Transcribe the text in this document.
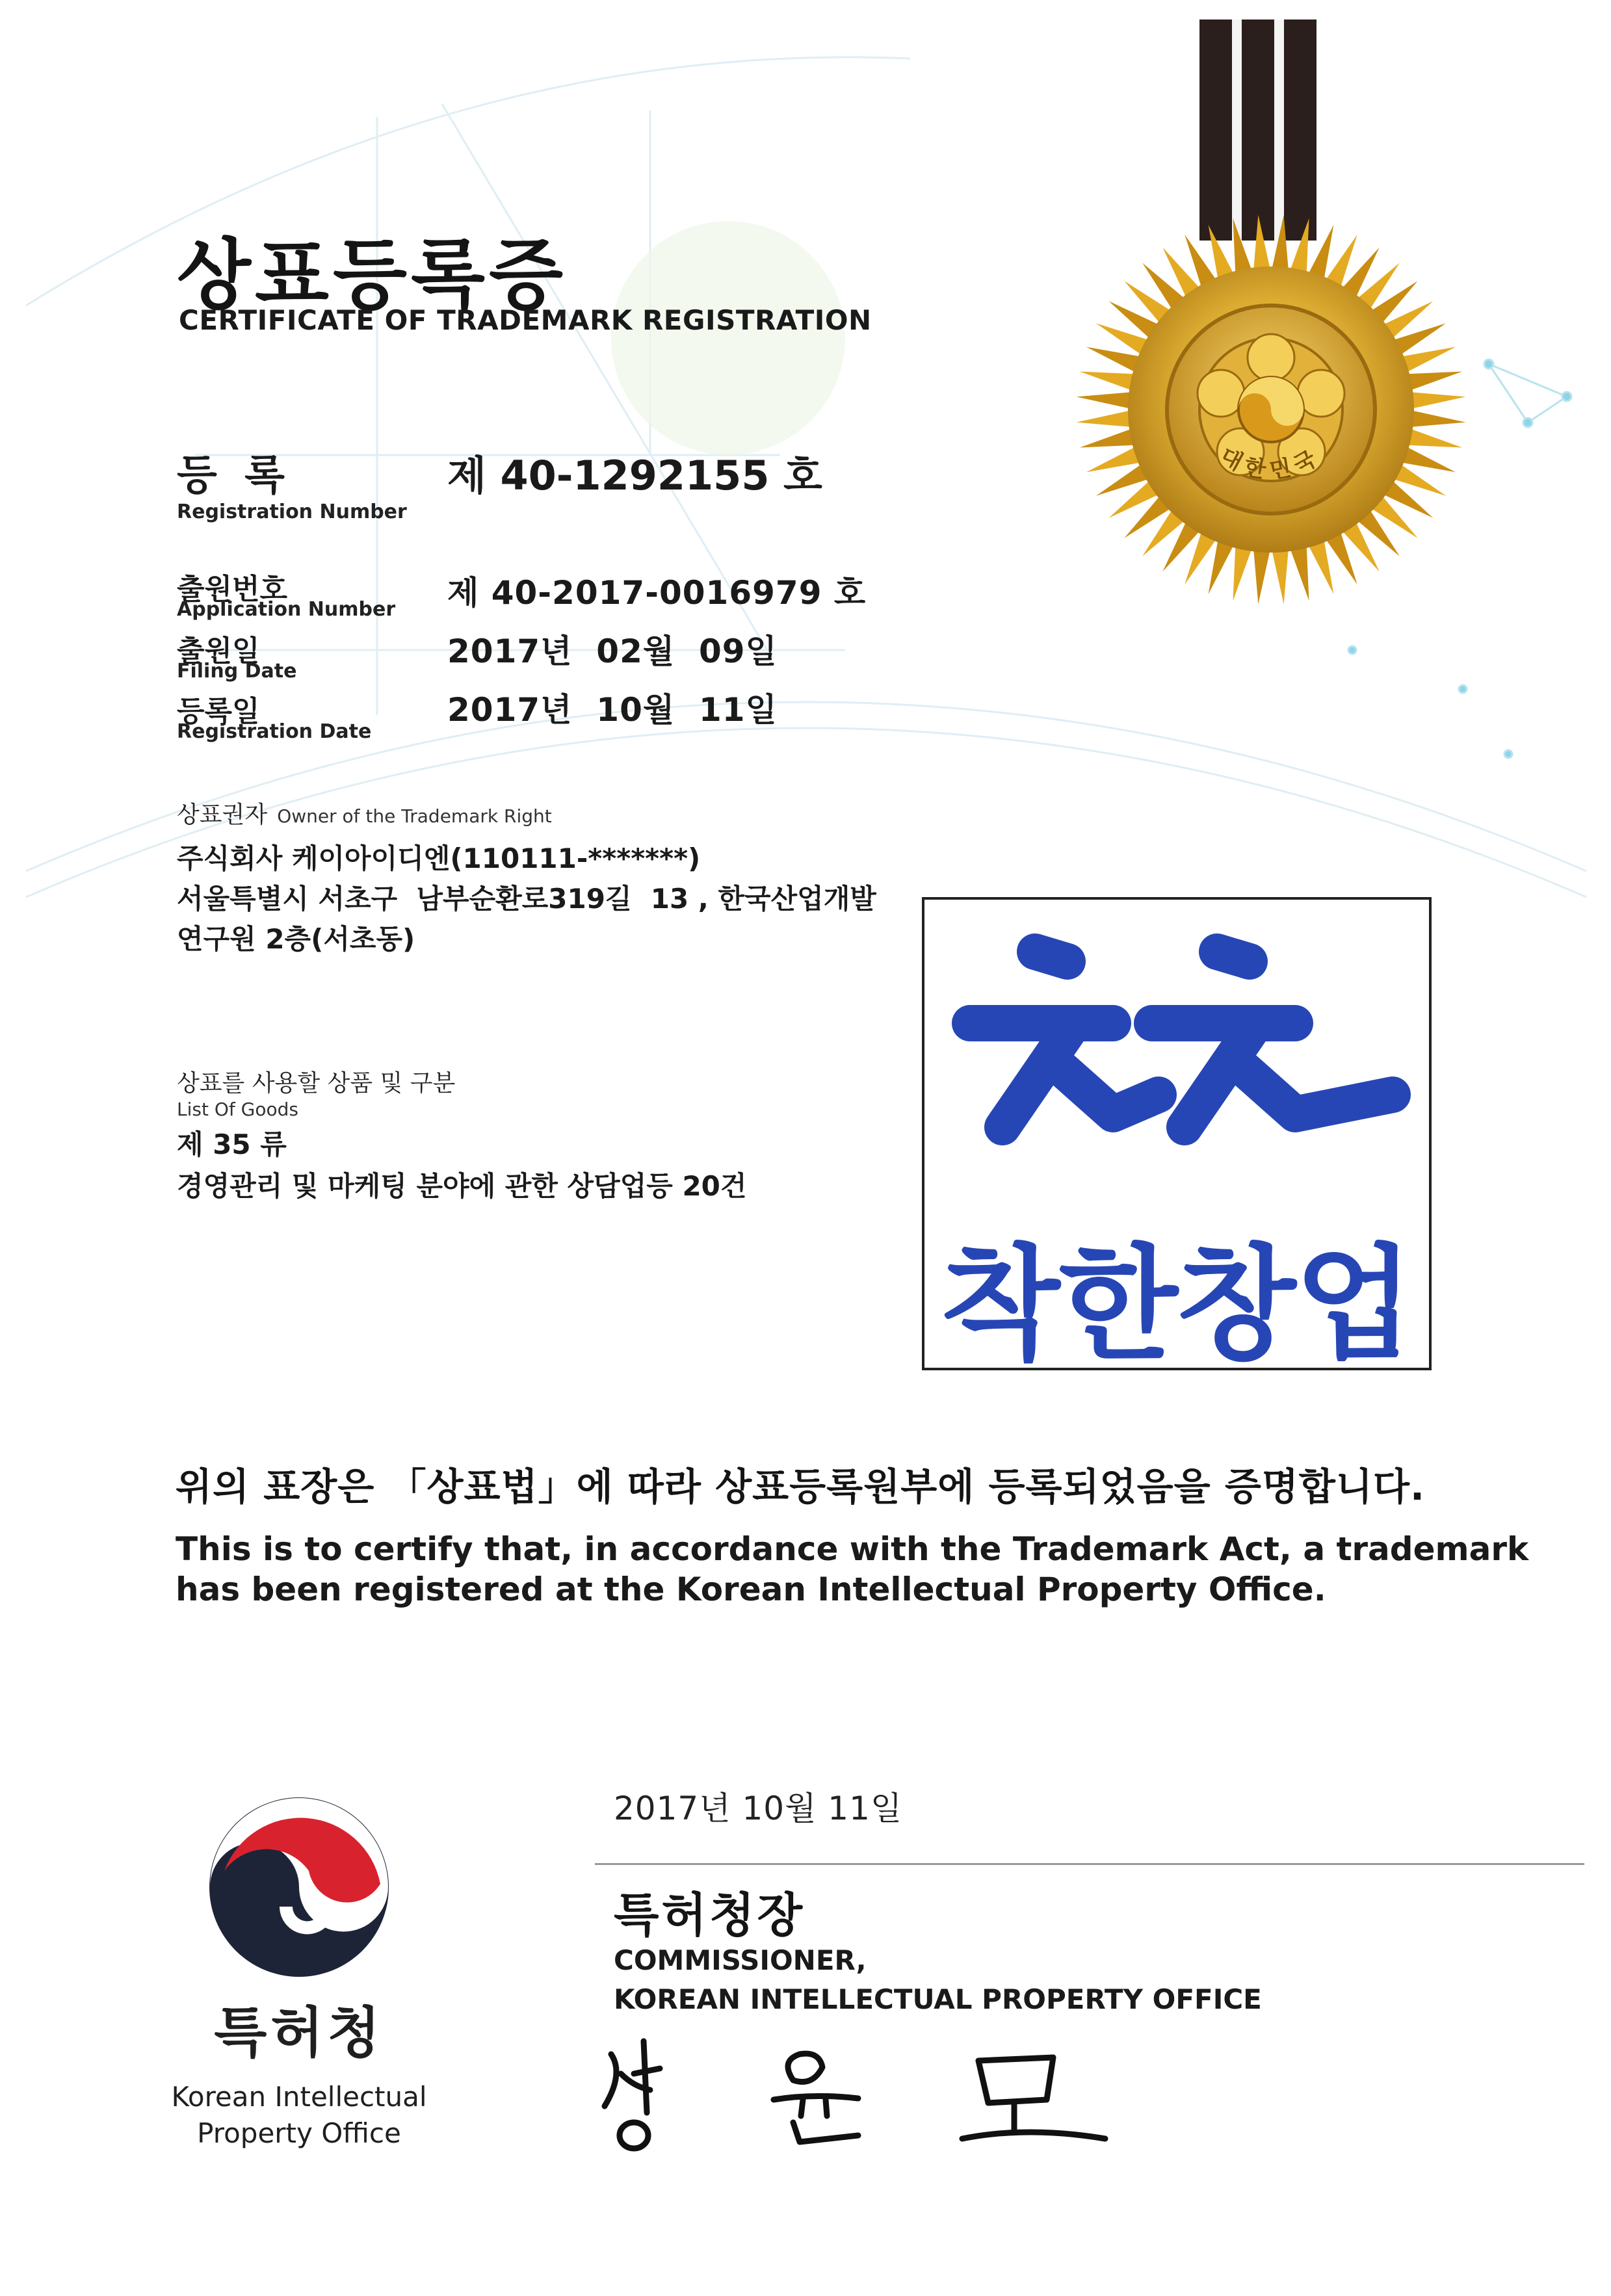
상표등록증
CERTIFICATE OF TRADEMARK REGISTRATION
등 록
Registration Number
제 40-1292155 호
출원번호
Application Number 제 40-2017-0016979 호
출원일
Filing Date
2017년  02월  09일
등록일
Registration Date
2017년  10월  11일
상표권자 Owner of the Trademark Right
주식회사 케이아이디엔(110111-*******)
서울특별시 서초구  남부순환로319길  13 , 한국산업개발
연구원 2층(서초동)
상표를 사용할 상품 및 구분
List Of Goods
제 35 류
경영관리 및 마케팅 분야에 관한 상담업등 20건
착한창업
대한민국
위의 표장은 「상표법」에 따라 상표등록원부에 등록되었음을 증명합니다.
This is to certify that, in accordance with the Trademark Act, a trademark
has been registered at the Korean Intellectual Property Office.
2017년 10월 11일
특허청장
COMMISSIONER,
KOREAN INTELLECTUAL PROPERTY OFFICE
특허청
Korean Intellectual
Property Office
